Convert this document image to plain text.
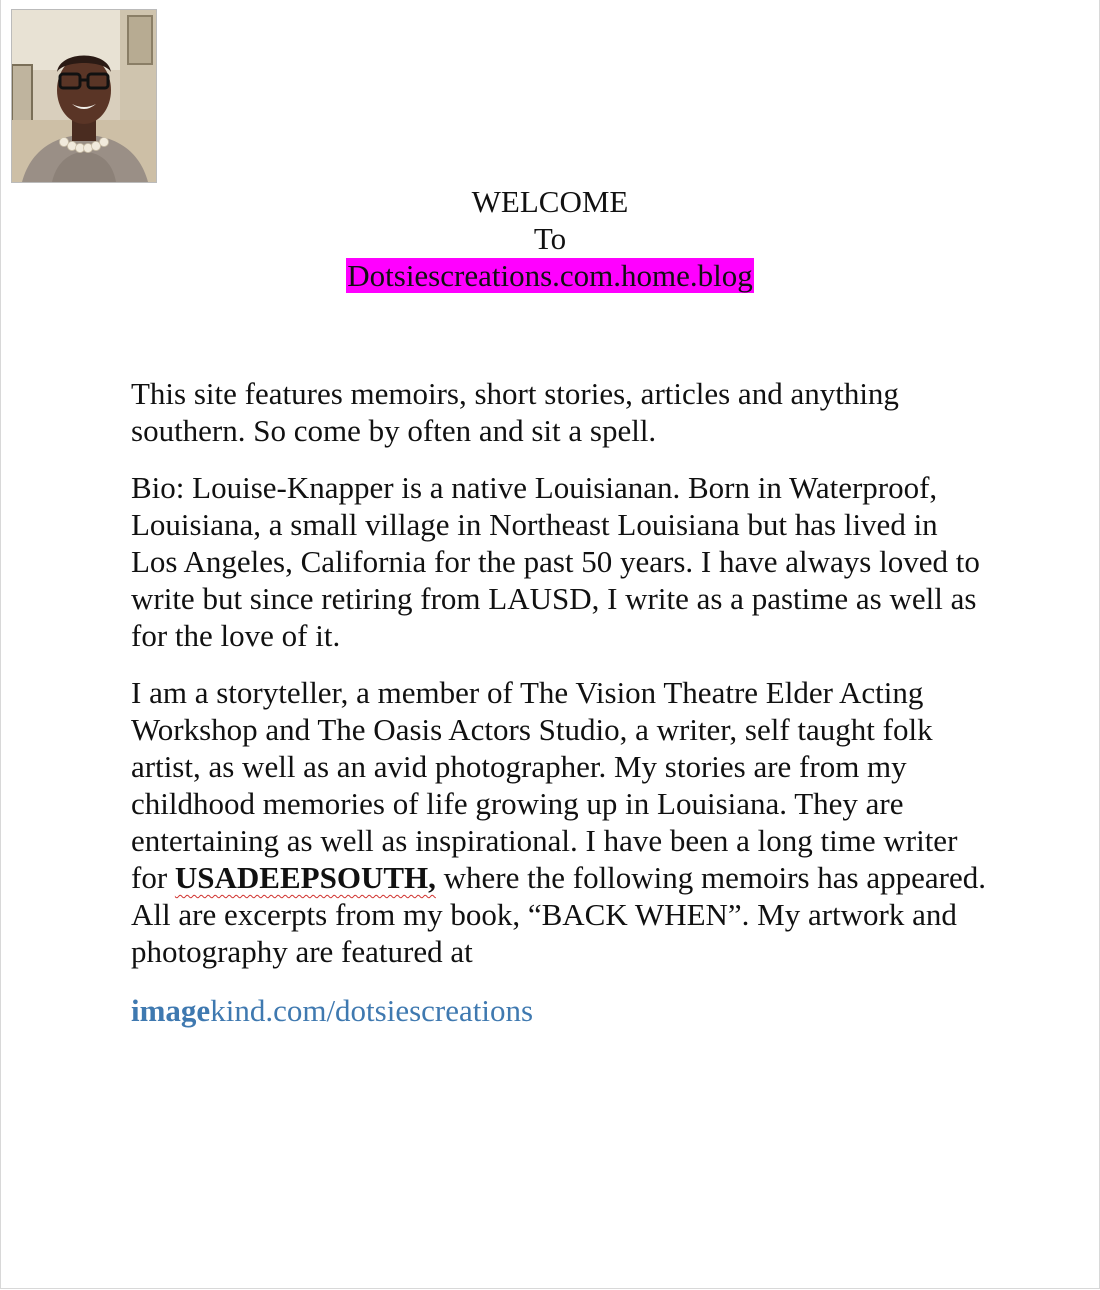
WELCOME
To
Dotsiescreations.com.home.blog

This site features memoirs, short stories, articles and anything southern. So come by often and sit a spell.

Bio: Louise-Knapper is a native Louisianan. Born in Waterproof, Louisiana, a small village in Northeast Louisiana but has lived in Los Angeles, California for the past 50 years. I have always loved to write but since retiring from LAUSD, I write as a pastime as well as for the love of it.

I am a storyteller, a member of The Vision Theatre Elder Acting Workshop and The Oasis Actors Studio, a writer, self taught folk artist, as well as an avid photographer. My stories are from my childhood memories of life growing up in Louisiana. They are entertaining as well as inspirational. I have been a long time writer for USADEEPSOUTH, where the following memoirs has appeared. All are excerpts from my book, “BACK WHEN”. My artwork and photography are featured at

imagekind.com/dotsiescreations
